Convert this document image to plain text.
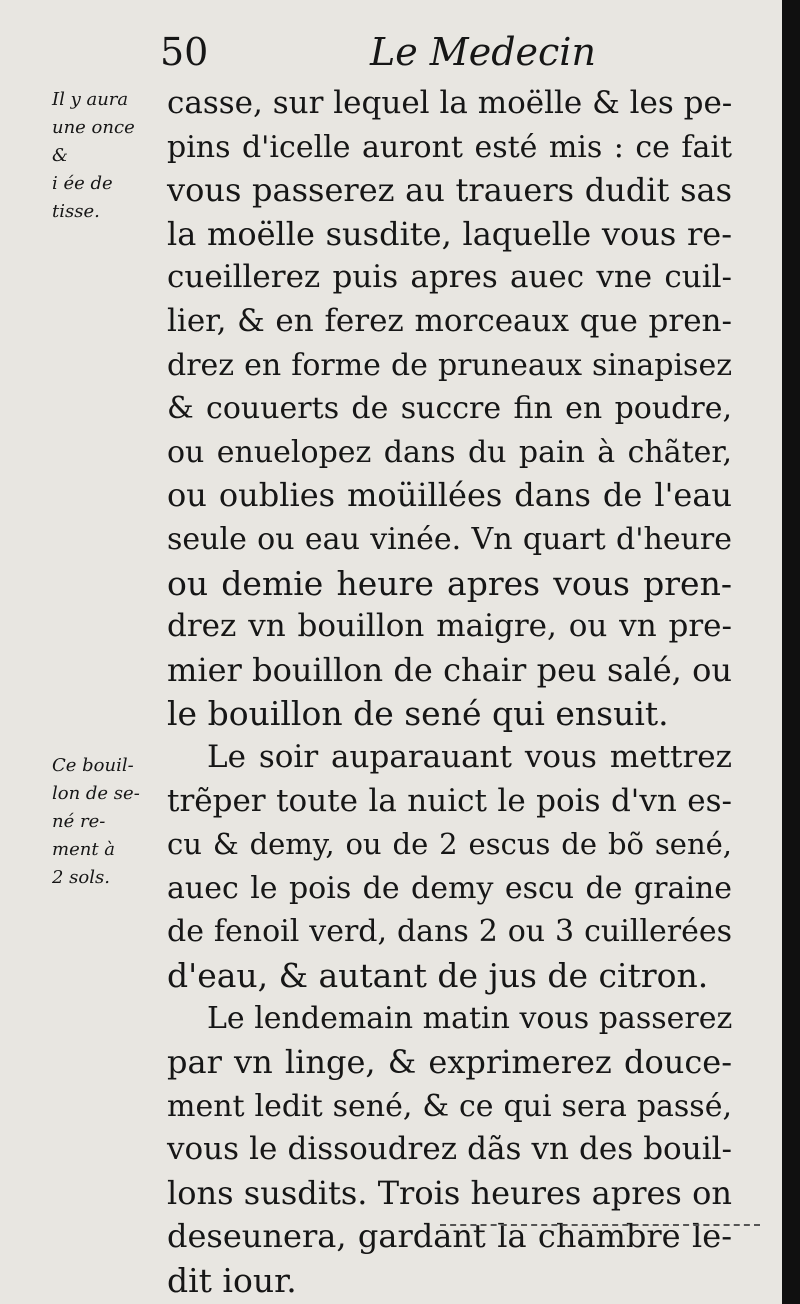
50	Le Medecin
Il y aura
une once
&
i ée de
tisse.
Ce bouil-
lon de se-
né re-
ment à
2 sols.
casse, sur lequel la moëlle & les pe-
pins d'icelle auront esté mis : ce fait
vous passerez au trauers dudit sas
la moëlle susdite, laquelle vous re-
cueillerez puis apres auec vne cuil-
lier, & en ferez morceaux que pren-
drez en forme de pruneaux sinapisez
& couuerts de succre fin en poudre,
ou enuelopez dans du pain à chãter,
ou oublies moüillées dans de l'eau
seule ou eau vinée. Vn quart d'heure
ou demie heure apres vous pren-
drez vn bouillon maigre, ou vn pre-
mier bouillon de chair peu salé, ou
le bouillon de sené qui ensuit.
Le soir auparauant vous mettrez
trẽper toute la nuict le pois d'vn es-
cu & demy, ou de 2 escus de bõ sené,
auec le pois de demy escu de graine
de fenoil verd, dans 2 ou 3 cuillerées
d'eau, & autant de jus de citron.
Le lendemain matin vous passerez
par vn linge, & exprimerez douce-
ment ledit sené, & ce qui sera passé,
vous le dissoudrez dãs vn des bouil-
lons susdits. Trois heures apres on
deseunera, gardant la chambre le-
dit iour.
